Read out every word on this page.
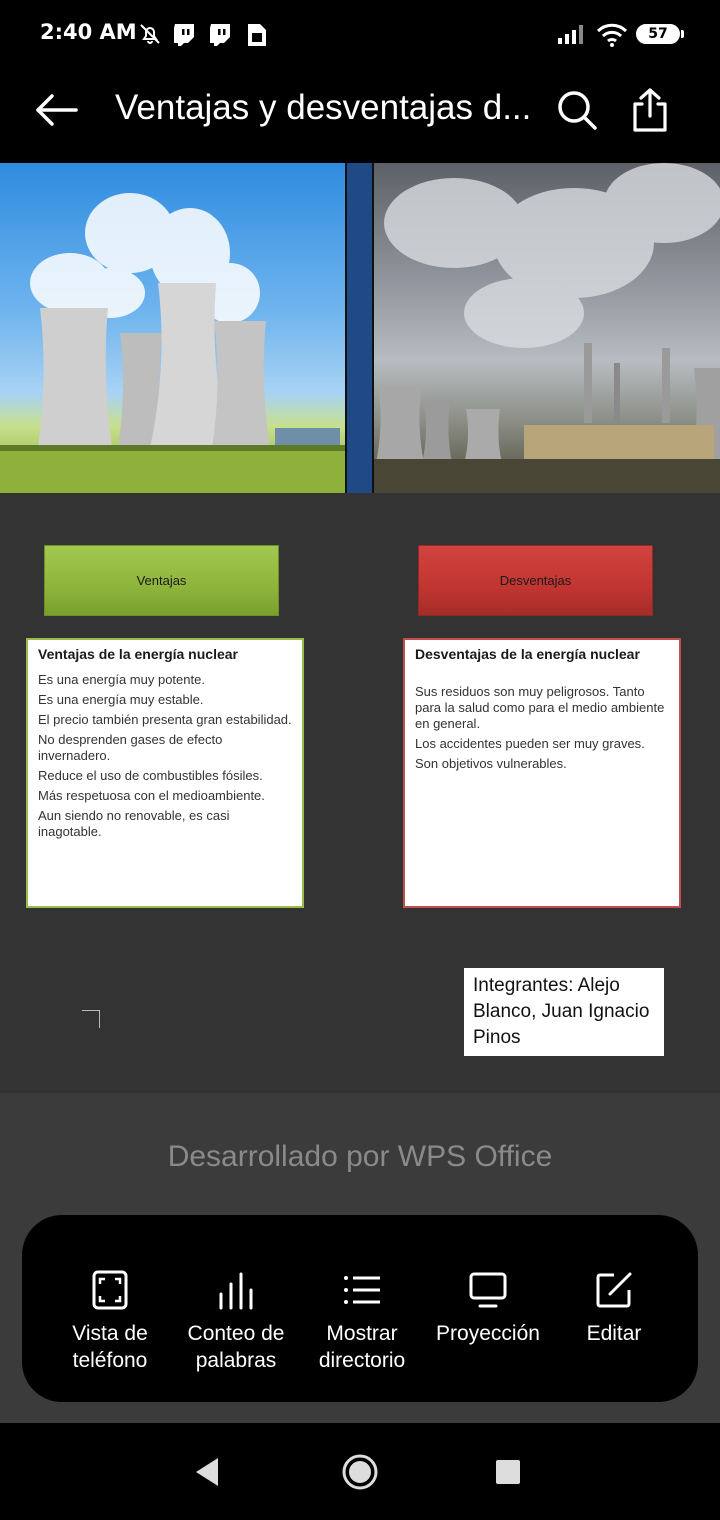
2:40 AM	57
Ventajas y desventajas d...
Ventajas	Desventajas
Ventajas de la energía nuclear
Es una energía muy potente.
Es una energía muy estable.
El precio también presenta gran estabilidad.
No desprenden gases de efecto invernadero.
Reduce el uso de combustibles fósiles.
Más respetuosa con el medioambiente.
Aun siendo no renovable, es casi inagotable.
Desventajas de la energía nuclear
Sus residuos son muy peligrosos. Tanto para la salud como para el medio ambiente en general.
Los accidentes pueden ser muy graves.
Son objetivos vulnerables.
Integrantes: Alejo Blanco, Juan Ignacio Pinos
Desarrollado por WPS Office
Vista de teléfono
Conteo de palabras
Mostrar directorio
Proyección	Editar
